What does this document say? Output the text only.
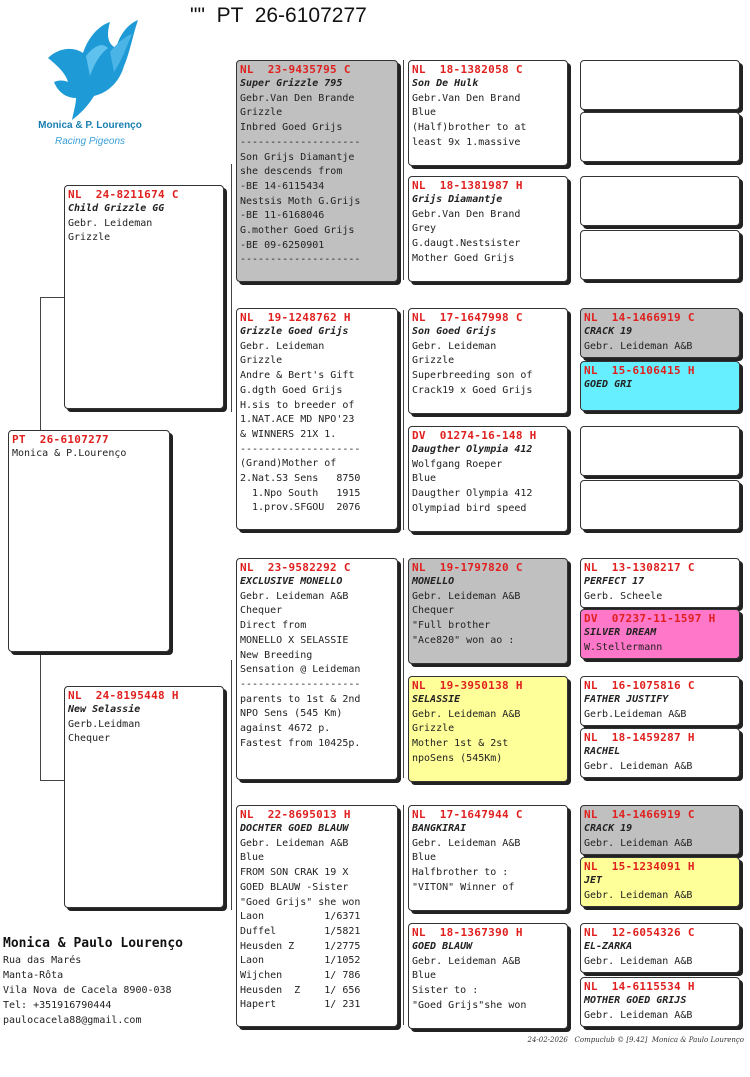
""  PT  26-6107277
Monica & P. Lourenço
Racing Pigeons
PT  26-6107277
Monica & P.Lourenço
NL  24-8211674 C
Child Grizzle GG
Gebr. Leideman
Grizzle
NL  24-8195448 H
New Selassie
Gerb.Leidman
Chequer
NL  23-9435795 C
Super Grizzle 795
Gebr.Van Den Brande
Grizzle
Inbred Goed Grijs
--------------------
Son Grijs Diamantje
she descends from
-BE 14-6115434
Nestsis Moth G.Grijs
-BE 11-6168046
G.mother Goed Grijs
-BE 09-6250901
--------------------
NL  19-1248762 H
Grizzle Goed Grijs
Gebr. Leideman
Grizzle
Andre & Bert's Gift
G.dgth Goed Grijs
H.sis to breeder of
1.NAT.ACE MD NPO'23
& WINNERS 21X 1.
--------------------
(Grand)Mother of
2.Nat.S3 Sens   8750
1.Npo South   1915
1.prov.SFGOU  2076
NL  23-9582292 C
EXCLUSIVE MONELLO
Gebr. Leideman A&B
Chequer
Direct from
MONELLO X SELASSIE
New Breeding
Sensation @ Leideman
--------------------
parents to 1st & 2nd
NPO Sens (545 Km)
against 4672 p.
Fastest from 10425p.
NL  22-8695013 H
DOCHTER GOED BLAUW
Gebr. Leideman A&B
Blue
FROM SON CRAK 19 X
GOED BLAUW -Sister
"Goed Grijs" she won
Laon          1/6371
Duffel        1/5821
Heusden Z     1/2775
Laon          1/1052
Wijchen       1/ 786
Heusden  Z    1/ 656
Hapert        1/ 231
NL  18-1382058 C
Son De Hulk
Gebr.Van Den Brand
Blue
(Half)brother to at
least 9x 1.massive
NL  18-1381987 H
Grijs Diamantje
Gebr.Van Den Brand
Grey
G.daugt.Nestsister
Mother Goed Grijs
NL  17-1647998 C
Son Goed Grijs
Gebr. Leideman
Grizzle
Superbreeding son of
Crack19 x Goed Grijs
DV  01274-16-148 H
Daugther Olympia 412
Wolfgang Roeper
Blue
Daugther Olympia 412
Olympiad bird speed
NL  19-1797820 C
MONELLO
Gebr. Leideman A&B
Chequer
"Full brother
"Ace820" won ao :
NL  19-3950138 H
SELASSIE
Gebr. Leideman A&B
Grizzle
Mother 1st & 2st
npoSens (545Km)
NL  17-1647944 C
BANGKIRAI
Gebr. Leideman A&B
Blue
Halfbrother to :
"VITON" Winner of
NL  18-1367390 H
GOED BLAUW
Gebr. Leideman A&B
Blue
Sister to :
"Goed Grijs"she won
NL  14-1466919 C
CRACK 19
Gebr. Leideman A&B
NL  15-6106415 H
GOED GRI
NL  13-1308217 C
PERFECT 17
Gerb. Scheele
DV  07237-11-1597 H
SILVER DREAM
W.Stellermann
NL  16-1075816 C
FATHER JUSTIFY
Gerb.Leideman A&B
NL  18-1459287 H
RACHEL
Gebr. Leideman A&B
NL  14-1466919 C
CRACK 19
Gebr. Leideman A&B
NL  15-1234091 H
JET
Gebr. Leideman A&B
NL  12-6054326 C
EL-ZARKA
Gebr. Leideman A&B
NL  14-6115534 H
MOTHER GOED GRIJS
Gebr. Leideman A&B
Monica & Paulo Lourenço
Rua das Marés
Manta-Rôta
Vila Nova de Cacela 8900-038
Tel: +351916790444
paulocacela88@gmail.com
24-02-2026   Compuclub © [9.42]  Monica & Paulo Lourenço
